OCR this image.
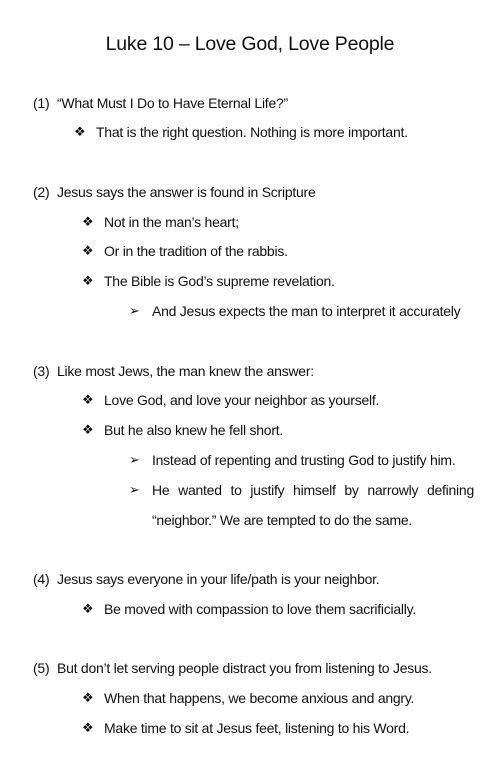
Luke 10 – Love God, Love People
(1) “What Must I Do to Have Eternal Life?”
❖ That is the right question. Nothing is more important.
(2) Jesus says the answer is found in Scripture
❖ Not in the man’s heart;
❖ Or in the tradition of the rabbis.
❖ The Bible is God’s supreme revelation.
➢ And Jesus expects the man to interpret it accurately
(3) Like most Jews, the man knew the answer:
❖ Love God, and love your neighbor as yourself.
❖ But he also knew he fell short.
➢ Instead of repenting and trusting God to justify him.
➢ He wanted to justify himself by narrowly defining
“neighbor.” We are tempted to do the same.
(4) Jesus says everyone in your life/path is your neighbor.
❖ Be moved with compassion to love them sacrificially.
(5) But don’t let serving people distract you from listening to Jesus.
❖ When that happens, we become anxious and angry.
❖ Make time to sit at Jesus feet, listening to his Word.
